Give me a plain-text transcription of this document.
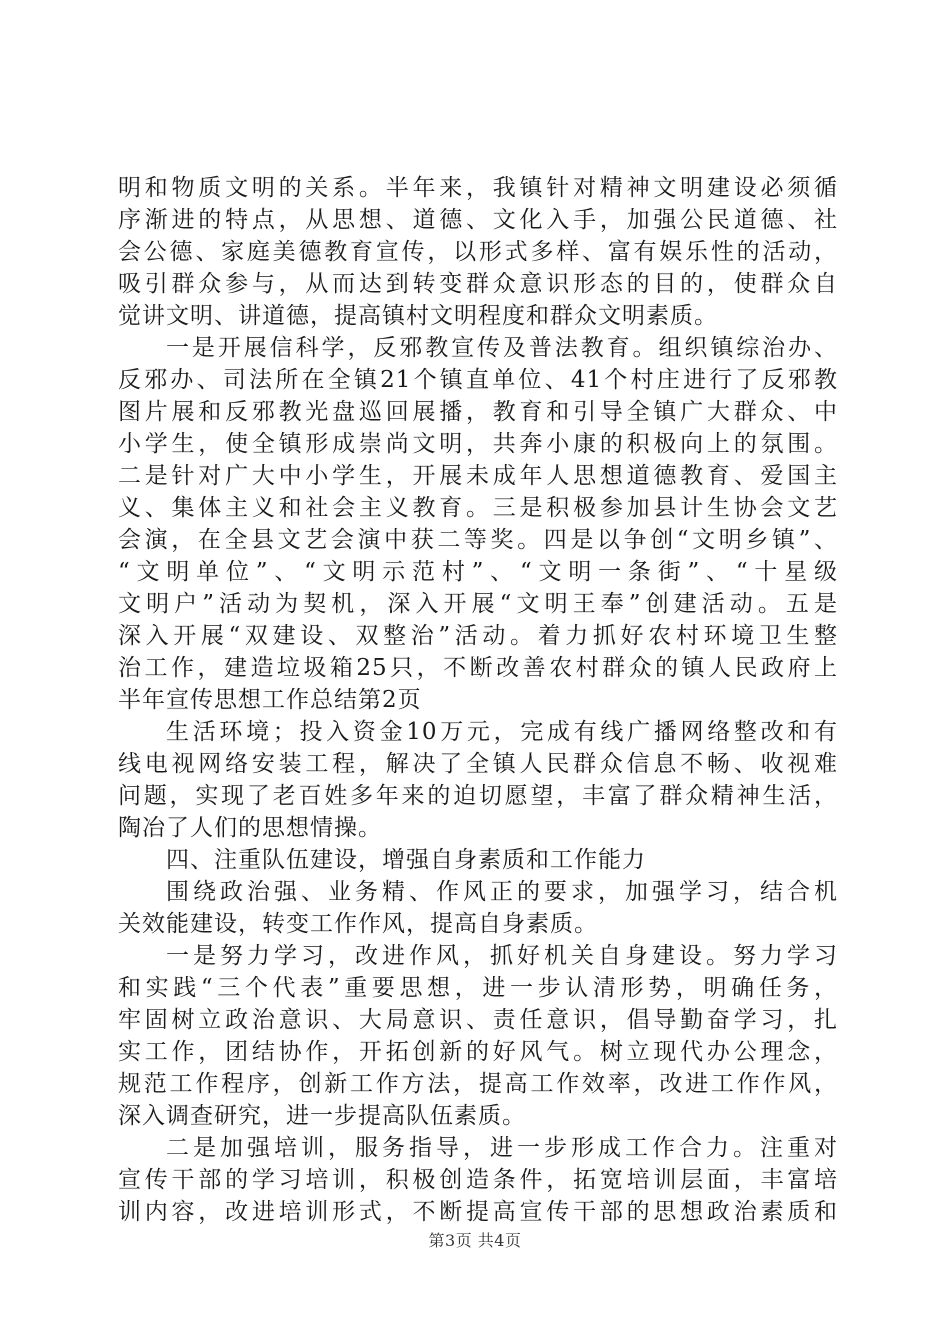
明和物质文明的关系。半年来，我镇针对精神文明建设必须循
序渐进的特点，从思想、道德、文化入手，加强公民道德、社
会公德、家庭美德教育宣传，以形式多样、富有娱乐性的活动，
吸引群众参与，从而达到转变群众意识形态的目的，使群众自
觉讲文明、讲道德，提高镇村文明程度和群众文明素质。
一是开展信科学，反邪教宣传及普法教育。组织镇综治办、
反邪办、司法所在全镇21个镇直单位、41个村庄进行了反邪教
图片展和反邪教光盘巡回展播，教育和引导全镇广大群众、中
小学生，使全镇形成崇尚文明，共奔小康的积极向上的氛围。
二是针对广大中小学生，开展未成年人思想道德教育、爱国主
义、集体主义和社会主义教育。三是积极参加县计生协会文艺
会演，在全县文艺会演中获二等奖。四是以争创“文明乡镇”、
“文明单位”、“文明示范村”、“文明一条街”、“十星级
文明户”活动为契机，深入开展“文明王奉”创建活动。五是
深入开展“双建设、双整治”活动。着力抓好农村环境卫生整
治工作，建造垃圾箱25只，不断改善农村群众的镇人民政府上
半年宣传思想工作总结第2页
生活环境；投入资金10万元，完成有线广播网络整改和有
线电视网络安装工程，解决了全镇人民群众信息不畅、收视难
问题，实现了老百姓多年来的迫切愿望，丰富了群众精神生活，
陶冶了人们的思想情操。
四、注重队伍建设，增强自身素质和工作能力
围绕政治强、业务精、作风正的要求，加强学习，结合机
关效能建设，转变工作作风，提高自身素质。
一是努力学习，改进作风，抓好机关自身建设。努力学习
和实践“三个代表”重要思想，进一步认清形势，明确任务，
牢固树立政治意识、大局意识、责任意识，倡导勤奋学习，扎
实工作，团结协作，开拓创新的好风气。树立现代办公理念，
规范工作程序，创新工作方法，提高工作效率，改进工作作风，
深入调查研究，进一步提高队伍素质。
二是加强培训，服务指导，进一步形成工作合力。注重对
宣传干部的学习培训，积极创造条件，拓宽培训层面，丰富培
训内容，改进培训形式，不断提高宣传干部的思想政治素质和
第3页 共4页
